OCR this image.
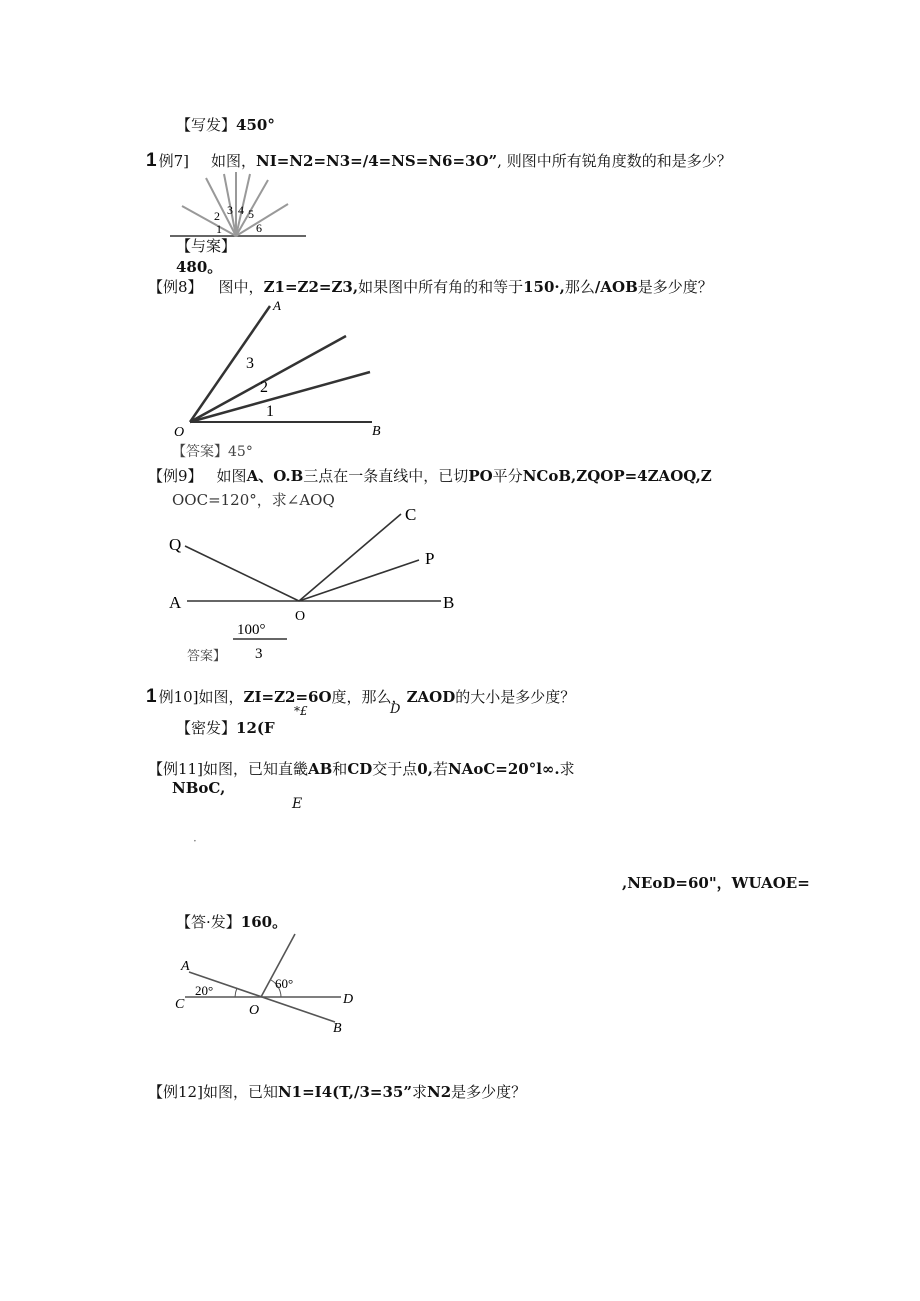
【写发】450°
1 例7] 如图，NI=N2=N3=∕4=NS=N6=3O”, 则图中所有锐角度数的和是多少？
1
2 3 4 5
6
【与案】
480。
【例8】 图中，Z1=Z2=Z3,如果图中所有角的和等于150·,那么/AOB是多少度？
A
O	B
1
2
3
【答案】45°
【例9】 如图A、O.B三点在一条直线中，已切PO平分NCoB,ZQOP=4ZAOQ,Z
OOC=120°，求∠AOQ
Q
C
P
A
O
B
100°
3
答案】
1 例10]如图，ZI=Z2=6O度，那么，ZAOD的大小是多少度？
*£	D
【密发】12(F
【例11]如图，已知直畿AB和CD交于点0,若NAoC=20°l∞.求
NBoC,
E
·
,NEoD=60"，WUAOE=
【答·发】160。
A
C	O
D
B
20°	60°
【例12]如图，已知N1=I4(T,/3=35”求N2是多少度？
